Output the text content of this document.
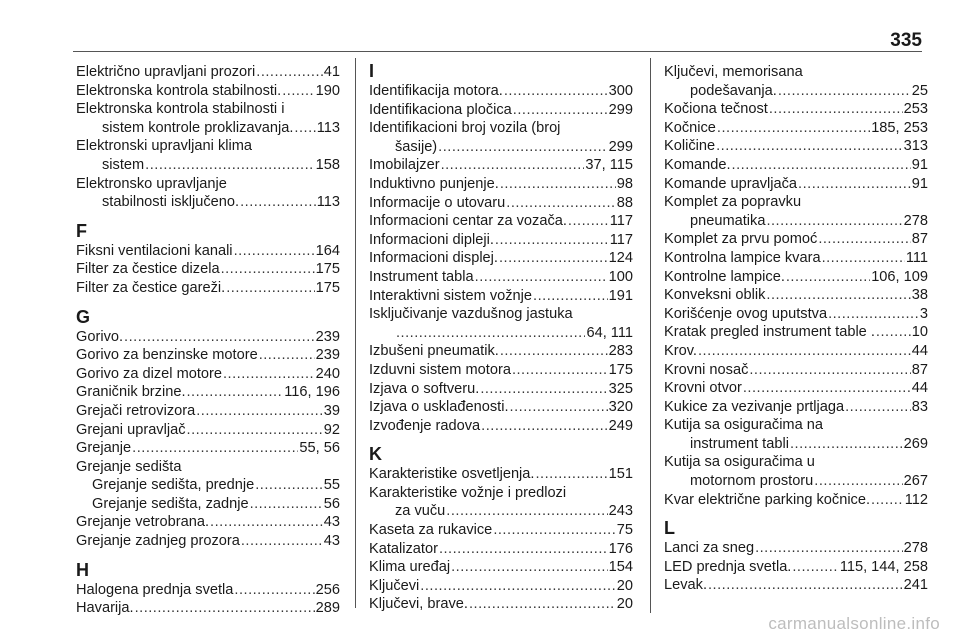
335
Električno upravljani prozori .....	41
Elektronska kontrola stabilnosti. ..... 190
Elektronska kontrola stabilnosti i
sistem kontrole proklizavanja. ..... 113
Elektronski upravljani klima
sistem .....	158
Elektronsko upravljanje
stabilnosti isključeno. .....	113
F
Fiksni ventilacioni kanali .....	164
Filter za čestice dizela .....	175
Filter za čestice gareži. .....	175
G
Gorivo. .....	239
Gorivo za benzinske motore .....	239
Gorivo za dizel motore .....	240
Graničnik brzine. .....	116, 196
Grejači retrovizora .....	39
Grejani upravljač .....	92
Grejanje .....	55, 56
Grejanje sedišta
Grejanje sedišta, prednje .....	55
Grejanje sedišta, zadnje .....	56
Grejanje vetrobrana. .....	43
Grejanje zadnjeg prozora .....	43
H
Halogena prednja svetla .....	256
Havarija. .....	289
I
Identifikacija motora. .....	300
Identifikaciona pločica .....	299
Identifikacioni broj vozila (broj
šasije) .....	299
Imobilajzer .....	37, 115
Induktivno punjenje. .....	98
Informacije o utovaru .....	88
Informacioni centar za vozača. .....	117
Informacioni dipleji. .....	117
Informacioni displej. .....	124
Instrument tabla .....	100
Interaktivni sistem vožnje .....	191
Isključivanje vazdušnog jastuka
.....
64, 111
Izbušeni pneumatik. .....	283
Izduvni sistem motora .....	175
Izjava o softveru. .....	325
Izjava o usklađenosti. .....	320
Izvođenje radova .....	249
K
Karakteristike osvetljenja. .....	151
Karakteristike vožnje i predlozi
za vuču .....	243
Kaseta za rukavice .....	75
Katalizator .....	176
Klima uređaj .....	154
Ključevi .....	20
Ključevi, brave. .....	20
Ključevi, memorisana
podešavanja. .....	25
Kočiona tečnost .....	253
Kočnice .....	185, 253
Količine .....	313
Komande. .....	91
Komande upravljača .....	91
Komplet za popravku
pneumatika .....	278
Komplet za prvu pomoć .....	87
Kontrolna lampice kvara .....	111
Kontrolne lampice. .....	106, 109
Konveksni oblik .....	38
Korišćenje ovog uputstva .....	3
Kratak pregled instrument table . .....	10
Krov. .....	44
Krovni nosač .....	87
Krovni otvor .....	44
Kukice za vezivanje prtljaga .....	83
Kutija sa osiguračima na
instrument tabli .....	269
Kutija sa osiguračima u
motornom prostoru .....	267
Kvar električne parking kočnice. ..... 112
L
Lanci za sneg .....	278
LED prednja svetla. .....	115, 144, 258
Levak. .....	241
carmanualsonline.info
